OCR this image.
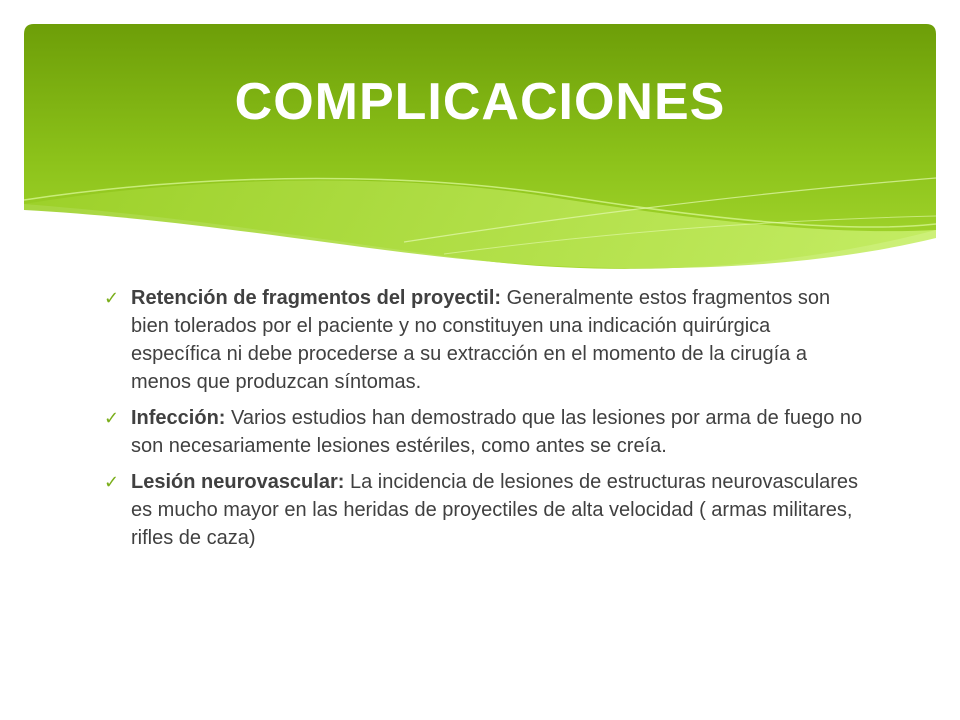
COMPLICACIONES
✓ Retención de fragmentos del proyectil: Generalmente estos fragmentos son bien tolerados por el paciente y no constituyen una indicación quirúrgica específica ni debe procederse a su extracción en el momento de la cirugía a menos que produzcan síntomas.
✓ Infección: Varios estudios han demostrado que las lesiones por arma de fuego no son necesariamente lesiones estériles, como antes se creía.
✓ Lesión neurovascular: La incidencia de lesiones de estructuras neurovasculares es mucho mayor en las heridas de proyectiles de alta velocidad ( armas militares, rifles de caza)
